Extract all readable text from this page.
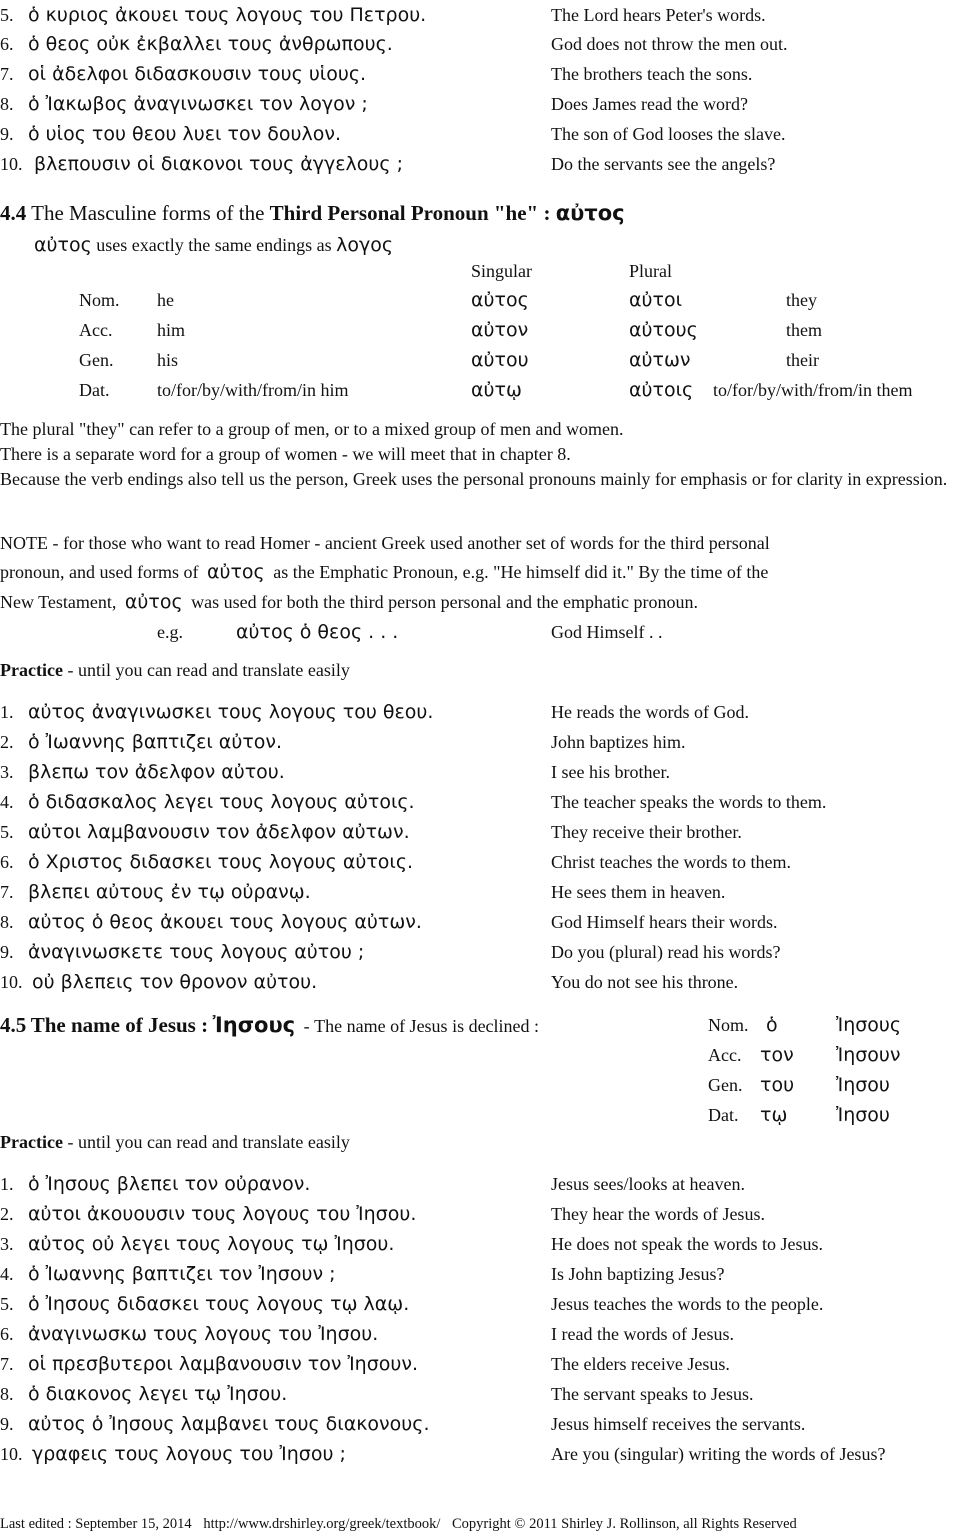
5. ὁ κυριος ἀκουει τους λογους του Πετρου.	The Lord hears Peter's words.
6. ὁ θεος οὐκ ἐκβαλλει τους ἀνθρωπους.	God does not throw the men out.
7. οἱ ἀδελφοι διδασκουσιν τους υἱους.	The brothers teach the sons.
8. ὁ Ἰακωβος ἀναγινωσκει τον λογον ;	Does James read the word?
9. ὁ υἱος του θεου λυει τον δουλον.	The son of God looses the slave.
10. βλεπουσιν οἱ διακονοι τους ἀγγελους ;	Do the servants see the angels?
4.4 The Masculine forms of the Third Personal Pronoun "he" : αὐτος
αὐτος uses exactly the same endings as λογος
Singular	Plural
Nom. he	αὐτος	αὐτοι	they
Acc. him	αὐτον	αὐτους	them
Gen. his	αὐτου	αὐτων	their
Dat.	to/for/by/with/from/in him	αὐτῳ	αὐτοις to/for/by/with/from/in them
The plural "they" can refer to a group of men, or to a mixed group of men and women.
There is a separate word for a group of women - we will meet that in chapter 8.
Because the verb endings also tell us the person, Greek uses the personal pronouns mainly for emphasis or for clarity in expression.
NOTE - for those who want to read Homer - ancient Greek used another set of words for the third personal
pronoun, and used forms of αὐτος as the Emphatic Pronoun, e.g. "He himself did it." By the time of the
New Testament, αὐτος was used for both the third person personal and the emphatic pronoun.
e.g.	αὐτος ὁ θεος . . .	God Himself . .
Practice - until you can read and translate easily
1. αὐτος ἀναγινωσκει τους λογους του θεου.	He reads the words of God.
2. ὁ Ἰωαννης βαπτιζει αὐτον.	John baptizes him.
3. βλεπω τον ἀδελφον αὐτου.	I see his brother.
4. ὁ διδασκαλος λεγει τους λογους αὐτοις.	The teacher speaks the words to them.
5. αὐτοι λαμβανουσιν τον ἀδελφον αὐτων.	They receive their brother.
6. ὁ Χριστος διδασκει τους λογους αὐτοις.	Christ teaches the words to them.
7. βλεπει αὐτους ἐν τῳ οὐρανῳ.	He sees them in heaven.
8. αὐτος ὁ θεος ἀκουει τους λογους αὐτων.	God Himself hears their words.
9. ἀναγινωσκετε τους λογους αὐτου ;	Do you (plural) read his words?
10. οὐ βλεπεις τον θρονον αὐτου.	You do not see his throne.
4.5 The name of Jesus : Ἰησους - The name of Jesus is declined :	Nom. ὁ	Ἰησους
Acc. τον Ἰησουν
Gen. του Ἰησου
Dat. τῳ	Ἰησου
Practice - until you can read and translate easily
1. ὁ Ἰησους βλεπει τον οὐρανον.	Jesus sees/looks at heaven.
2. αὐτοι ἀκουουσιν τους λογους του Ἰησου.	They hear the words of Jesus.
3. αὐτος οὐ λεγει τους λογους τῳ Ἰησου.	He does not speak the words to Jesus.
4. ὁ Ἰωαννης βαπτιζει τον Ἰησουν ;	Is John baptizing Jesus?
5. ὁ Ἰησους διδασκει τους λογους τῳ λαῳ.	Jesus teaches the words to the people.
6. ἀναγινωσκω τους λογους του Ἰησου.	I read the words of Jesus.
7. οἱ πρεσβυτεροι λαμβανουσιν τον Ἰησουν.	The elders receive Jesus.
8. ὁ διακονος λεγει τῳ Ἰησου.	The servant speaks to Jesus.
9. αὐτος ὁ Ἰησους λαμβανει τους διακονους.	Jesus himself receives the servants.
10. γραφεις τους λογους του Ἰησου ;	Are you (singular) writing the words of Jesus?
Last edited : September 15, 2014 http://www.drshirley.org/greek/textbook/ Copyright © 2011 Shirley J. Rollinson, all Rights Reserved
